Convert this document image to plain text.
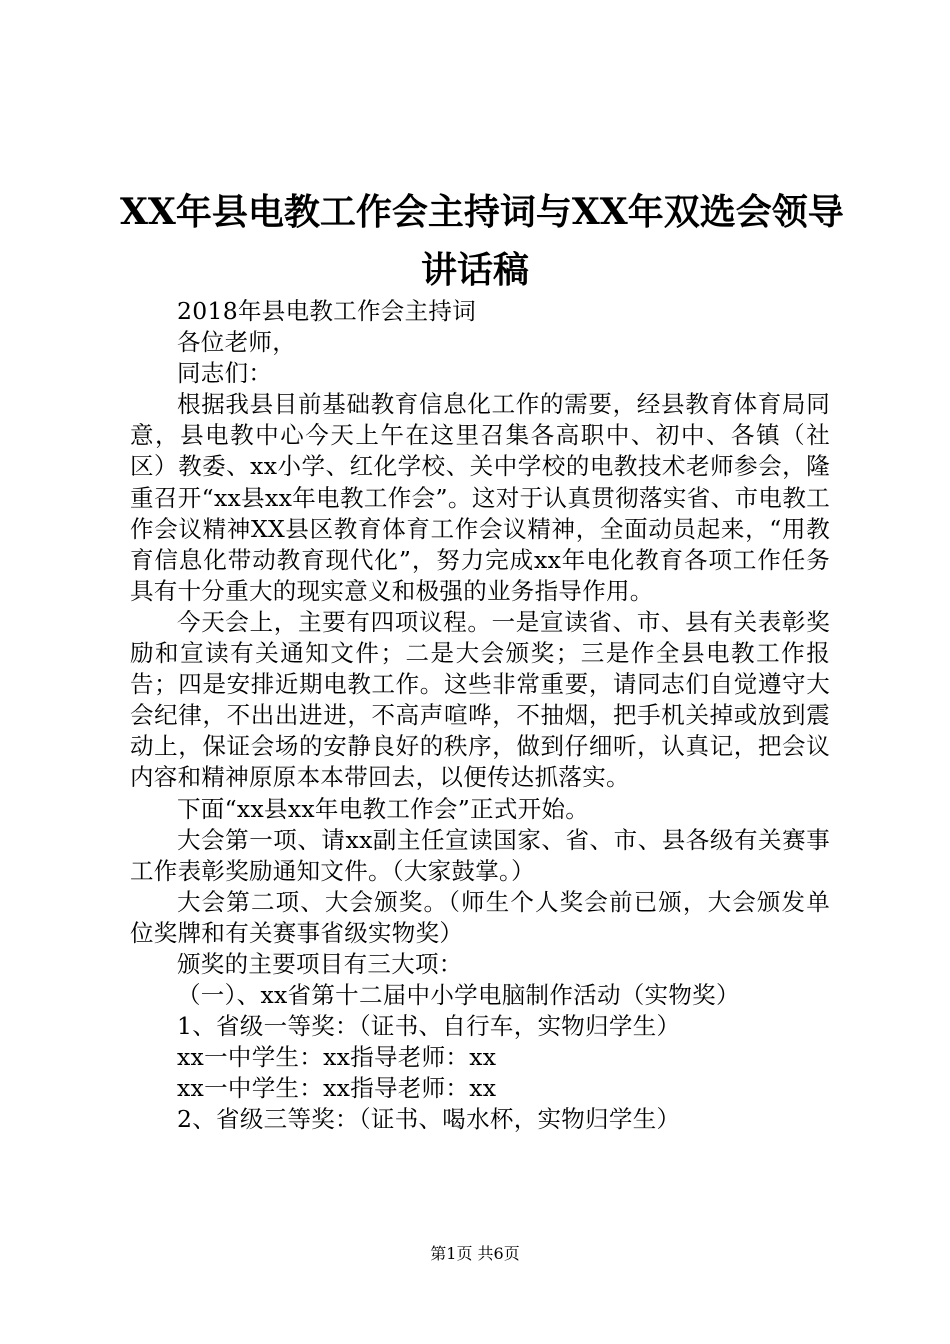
XX年县电教工作会主持词与XX年双选会领导
讲话稿

2018年县电教工作会主持词

各位老师，

同志们：

根据我县目前基础教育信息化工作的需要，经县教育体育局同意，县电教中心今天上午在这里召集各高职中、初中、各镇（社区）教委、xx小学、红化学校、关中学校的电教技术老师参会，隆重召开“xx县xx年电教工作会”。这对于认真贯彻落实省、市电教工作会议精神XX县区教育体育工作会议精神，全面动员起来，“用教育信息化带动教育现代化”，努力完成xx年电化教育各项工作任务具有十分重大的现实意义和极强的业务指导作用。

今天会上，主要有四项议程。一是宣读省、市、县有关表彰奖励和宣读有关通知文件；二是大会颁奖；三是作全县电教工作报告；四是安排近期电教工作。这些非常重要，请同志们自觉遵守大会纪律，不出出进进，不高声喧哗，不抽烟，把手机关掉或放到震动上，保证会场的安静良好的秩序，做到仔细听，认真记，把会议内容和精神原原本本带回去，以便传达抓落实。

下面“xx县xx年电教工作会”正式开始。

大会第一项、请xx副主任宣读国家、省、市、县各级有关赛事工作表彰奖励通知文件。（大家鼓掌。）

大会第二项、大会颁奖。（师生个人奖会前已颁，大会颁发单位奖牌和有关赛事省级实物奖）

颁奖的主要项目有三大项：

（一）、xx省第十二届中小学电脑制作活动（实物奖）

1、省级一等奖：（证书、自行车，实物归学生）

xx一中学生：xx指导老师：xx

xx一中学生：xx指导老师：xx

2、省级三等奖：（证书、喝水杯，实物归学生）

第1页 共6页
